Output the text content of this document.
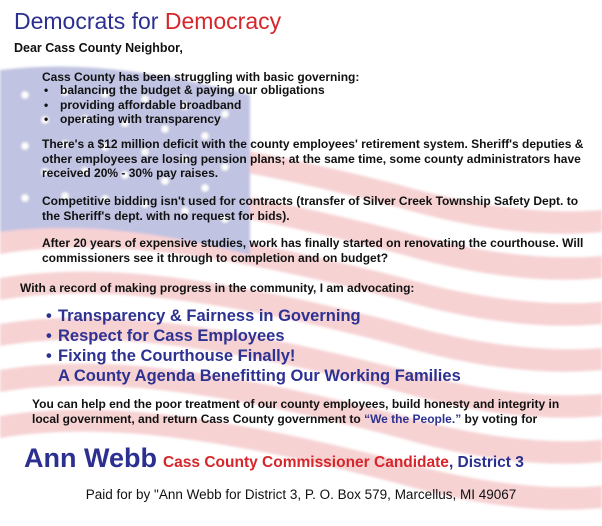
Democrats for Democracy
Dear Cass County Neighbor,
Cass County has been struggling with basic governing:
• balancing the budget & paying our obligations
• providing affordable broadband
• operating with transparency
There's a $12 million deficit with the county employees' retirement system. Sheriff's deputies & other employees are losing pension plans; at the same time, some county administrators have received 20% - 30% pay raises.
Competitive bidding isn't used for contracts (transfer of Silver Creek Township Safety Dept. to the Sheriff's dept. with no request for bids).
After 20 years of expensive studies, work has finally started on renovating the courthouse. Will commissioners see it through to completion and on budget?
With a record of making progress in the community, I am advocating:
• Transparency & Fairness in Governing
• Respect for Cass Employees
• Fixing the Courthouse Finally!
A County Agenda Benefitting Our Working Families
You can help end the poor treatment of our county employees, build honesty and integrity in local government, and return Cass County government to “We the People.” by voting for
Ann Webb Cass County Commissioner Candidate, District 3
Paid for by "Ann Webb for District 3, P. O. Box 579, Marcellus, MI 49067
